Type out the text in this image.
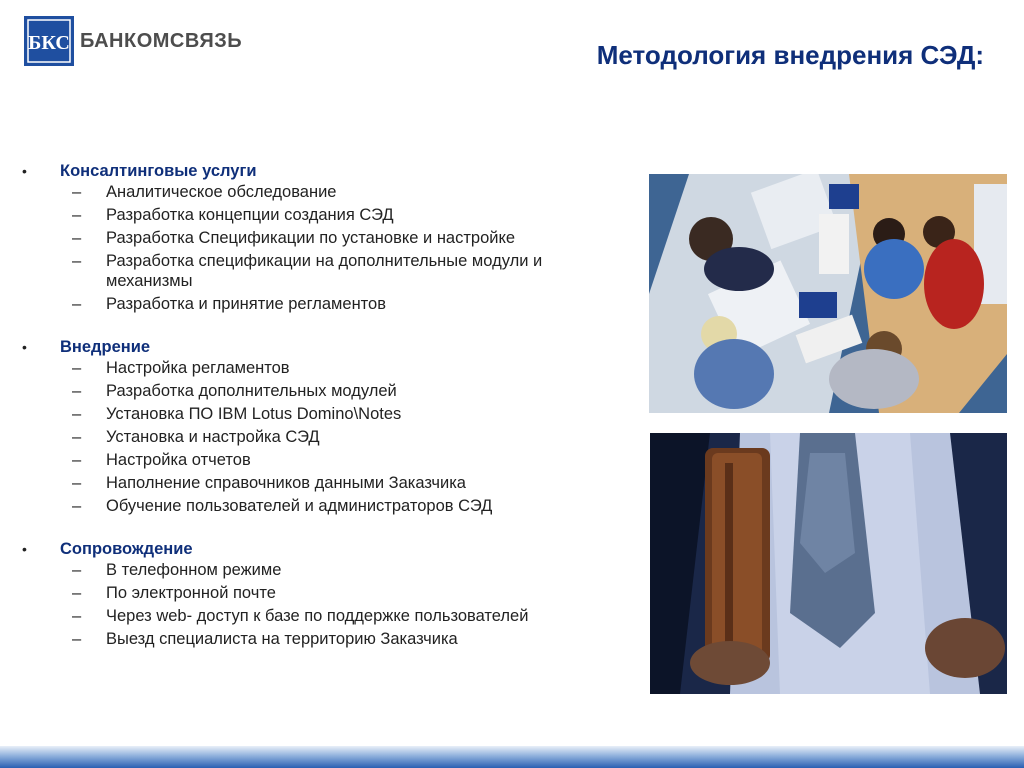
БКС БАНКОМСВЯЗЬ	Методология внедрения СЭД:
•	Консалтинговые услуги
–	Аналитическое обследование
–	Разработка концепции создания СЭД
–	Разработка Спецификации по установке и настройке
–	Разработка спецификации на дополнительные модули и механизмы
–	Разработка и принятие регламентов
•	Внедрение
–	Настройка регламентов
–	Разработка дополнительных модулей
–	Установка ПО IBM Lotus Domino\Notes
–	Установка и настройка СЭД
–	Настройка отчетов
–	Наполнение справочников данными Заказчика
–	Обучение пользователей и администраторов СЭД
•	Сопровождение
–	В телефонном режиме
–	По электронной почте
–	Через web- доступ к базе по поддержке пользователей
–	Выезд специалиста на территорию Заказчика
